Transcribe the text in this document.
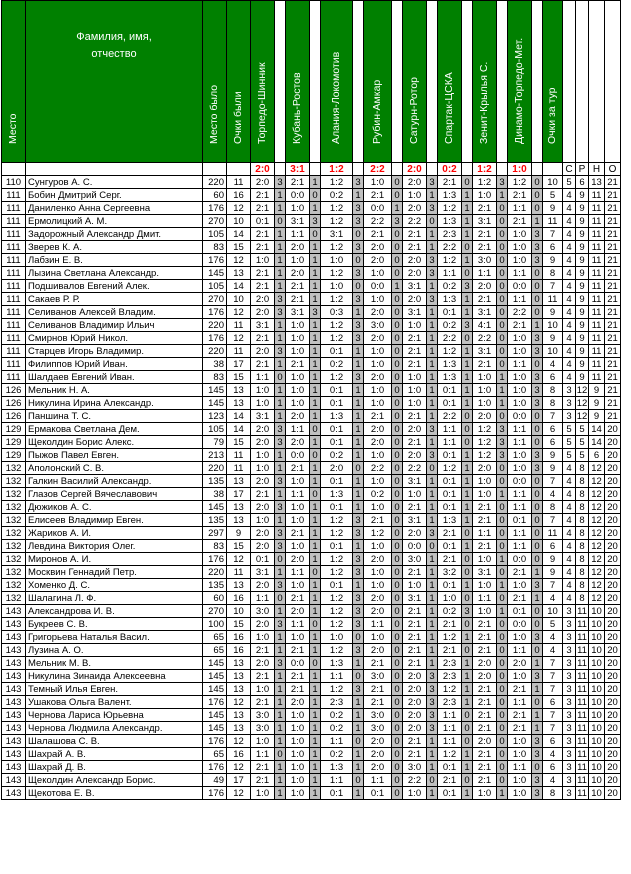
Место	Фамилия, имя,
отчество	Место было	Очки были	Торпедо-Шинник		Кубань-Ростов		Алания-Локомотив		Рубин-Амкар		Сатурн-Ротор		Спартак-ЦСКА		Зенит-Крылья С.		Динамо-Торпедо-Мет.		Очки за тур				

				2:0		3:1		1:2		2:2		2:0		0:2		1:2		1:0			С	Р	Н	О
110	Сунгуров А. С.	220	11	2:0	3	2:1	1	1:2	3	1:0	0	2:0	3	2:1	0	1:2	3	1:2	0	10	5	6	13	21
111	Бобин Дмитрий Серг.	60	16	2:1	1	0:0	0	0:2	1	2:1	0	1:0	1	1:3	1	1:0	1	2:1	0	5	4	9	11	21
111	Даниленко Анна Сергеевна	176	12	2:1	1	1:0	1	1:2	3	0:0	1	2:0	3	1:2	1	2:1	0	1:1	0	9	4	9	11	21
111	Ермолицкий А. М.	270	10	0:1	0	3:1	3	1:2	3	2:2	3	2:2	0	1:3	1	3:1	0	2:1	1	11	4	9	11	21
111	Задорожный Александр Дмит.	105	14	2:1	1	1:1	0	3:1	0	2:1	0	2:1	1	2:3	1	2:1	0	1:0	3	7	4	9	11	21
111	Зверев К. А.	83	15	2:1	1	2:0	1	1:2	3	2:0	0	2:1	1	2:2	0	2:1	0	1:0	3	6	4	9	11	21
111	Лабзин Е. В.	176	12	1:0	1	1:0	1	1:0	0	2:0	0	2:0	3	1:2	1	3:0	0	1:0	3	9	4	9	11	21
111	Лызина Светлана Александр.	145	13	2:1	1	2:0	1	1:2	3	1:0	0	2:0	3	1:1	0	1:1	0	1:1	0	8	4	9	11	21
111	Подшивалов Евгений Алек.	105	14	2:1	1	2:1	1	1:0	0	0:0	1	3:1	1	0:2	3	2:0	0	0:0	0	7	4	9	11	21
111	Сакаев Р. Р.	270	10	2:0	3	2:1	1	1:2	3	1:0	0	2:0	3	1:3	1	2:1	0	1:1	0	11	4	9	11	21
111	Селиванов Алексей Владим.	176	12	2:0	3	3:1	3	0:3	1	2:0	0	3:1	1	0:1	1	3:1	0	2:2	0	9	4	9	11	21
111	Селиванов Владимир Ильич	220	11	3:1	1	1:0	1	1:2	3	3:0	0	1:0	1	0:2	3	4:1	0	2:1	1	10	4	9	11	21
111	Смирнов Юрий Никол.	176	12	2:1	1	1:0	1	1:2	3	2:0	0	2:1	1	2:2	0	2:2	0	1:0	3	9	4	9	11	21
111	Старцев Игорь Владимир.	220	11	2:0	3	1:0	1	0:1	1	1:0	0	2:1	1	1:2	1	3:1	0	1:0	3	10	4	9	11	21
111	Филиппов Юрий Иван.	38	17	2:1	1	2:1	1	0:2	1	1:0	0	2:1	1	1:3	1	2:1	0	1:1	0	4	4	9	11	21
111	Шалдаев Евгений Иван.	83	15	1:1	0	1:0	1	1:2	3	2:0	0	1:0	1	1:3	1	1:0	1	1:0	3	6	4	9	11	21
126	Мельник Н. А.	145	13	1:0	1	1:0	1	0:1	1	1:0	0	1:0	1	0:1	1	1:0	1	1:0	3	8	3	12	9	21
126	Никулина Ирина Александр.	145	13	1:0	1	1:0	1	0:1	1	1:0	0	1:0	1	0:1	1	1:0	1	1:0	3	8	3	12	9	21
126	Паншина Т. С.	123	14	3:1	1	2:0	1	1:3	1	2:1	0	2:1	1	2:2	0	2:0	0	0:0	0	7	3	12	9	21
129	Ермакова Светлана Дем.	105	14	2:0	3	1:1	0	0:1	1	2:0	0	2:0	3	1:1	0	1:2	3	1:1	0	6	5	5	14	20
129	Щеколдин Борис Алекс.	79	15	2:0	3	2:0	1	0:1	1	2:0	0	2:1	1	1:1	0	1:2	3	1:1	0	6	5	5	14	20
129	Пыжов Павел Евген.	213	11	1:0	1	0:0	0	0:2	1	1:0	0	2:0	3	0:1	1	1:2	3	1:0	3	9	5	5	6	20
132	Аполонский С. В.	220	11	1:0	1	2:1	1	2:0	0	2:2	0	2:2	0	1:2	1	2:0	0	1:0	3	9	4	8	12	20
132	Галкин Василий Александр.	135	13	2:0	3	1:0	1	0:1	1	1:0	0	3:1	1	0:1	1	1:0	0	0:0	0	7	4	8	12	20
132	Глазов Сергей Вячеславович	38	17	2:1	1	1:1	0	1:3	1	0:2	0	1:0	1	0:1	1	1:0	1	1:1	0	4	4	8	12	20
132	Дюжиков А. С.	145	13	2:0	3	1:0	1	0:1	1	1:0	0	2:1	1	0:1	1	2:1	0	1:1	0	8	4	8	12	20
132	Елисеев Владимир Евген.	135	13	1:0	1	1:0	1	1:2	3	2:1	0	3:1	1	1:3	1	2:1	0	0:1	0	7	4	8	12	20
132	Жариков А. И.	297	9	2:0	3	2:1	1	1:2	3	1:2	0	2:0	3	2:1	0	1:1	0	1:1	0	11	4	8	12	20
132	Левдина Виктория Олег.	83	15	2:0	3	1:0	1	0:1	1	1:0	0	0:0	0	0:1	1	2:1	0	1:1	0	6	4	8	12	20
132	Миронов А. И.	176	12	0:1	0	2:0	1	1:2	3	2:0	0	3:0	1	2:1	0	1:0	1	0:0	0	9	4	8	12	20
132	Москвин Геннадий Петр.	220	11	3:1	1	1:1	0	1:2	3	1:0	0	2:1	1	3:2	0	3:1	0	2:1	1	9	4	8	12	20
132	Хоменко Д. С.	135	13	2:0	3	1:0	1	0:1	1	1:0	0	1:0	1	0:1	1	1:0	1	1:0	3	7	4	8	12	20
132	Шалагина Л. Ф.	60	16	1:1	0	2:1	1	1:2	3	2:0	0	3:1	1	1:0	0	1:1	0	2:1	1	4	4	8	12	20
143	Александрова И. В.	270	10	3:0	1	2:0	1	1:2	3	2:0	0	2:1	1	0:2	3	1:0	1	0:1	0	10	3	11	10	20
143	Букреев С. В.	100	15	2:0	3	1:1	0	1:2	3	1:1	0	2:1	1	2:1	0	2:1	0	0:0	0	5	3	11	10	20
143	Григорьева Наталья Васил.	65	16	1:0	1	1:0	1	1:0	0	1:0	0	2:1	1	1:2	1	2:1	0	1:0	3	4	3	11	10	20
143	Лузина А. О.	65	16	2:1	1	2:1	1	1:2	3	2:0	0	2:1	1	2:1	0	2:1	0	1:1	0	4	3	11	10	20
143	Мельник М. В.	145	13	2:0	3	0:0	0	1:3	1	2:1	0	2:1	1	2:3	1	2:0	0	2:0	1	7	3	11	10	20
143	Никулина Зинаида Алексеевна	145	13	2:1	1	2:1	1	1:1	0	3:0	0	2:0	3	2:3	1	2:0	0	1:0	3	7	3	11	10	20
143	Темный Илья Евген.	145	13	1:0	1	2:1	1	1:2	3	2:1	0	2:0	3	1:2	1	2:1	0	2:1	1	7	3	11	10	20
143	Ушакова Ольга Валент.	176	12	2:1	1	2:0	1	2:3	1	2:1	0	2:0	3	2:3	1	2:1	0	1:1	0	6	3	11	10	20
143	Чернова Лариса Юрьевна	145	13	3:0	1	1:0	1	0:2	1	3:0	0	2:0	3	1:1	0	2:1	0	2:1	1	7	3	11	10	20
143	Чернова Людмила Александр.	145	13	3:0	1	1:0	1	0:2	1	3:0	0	2:0	3	1:1	0	2:1	0	2:1	1	7	3	11	10	20
143	Шалашова С. В.	176	12	1:0	1	1:0	1	1:1	0	2:0	0	2:1	1	1:1	0	2:0	0	1:0	3	6	3	11	10	20
143	Шахрай А. В.	65	16	1:1	0	1:0	1	0:2	1	2:0	0	2:1	1	1:2	1	2:1	0	1:0	3	4	3	11	10	20
143	Шахрай Д. В.	176	12	2:1	1	1:0	1	1:3	1	2:0	0	3:0	1	0:1	1	2:1	0	1:1	0	6	3	11	10	20
143	Щеколдин Александр Борис.	49	17	2:1	1	1:0	1	1:1	0	1:1	0	2:2	0	2:1	0	2:1	0	1:0	3	4	3	11	10	20
143	Щекотова Е. В.	176	12	1:0	1	1:0	1	0:1	1	0:1	0	1:0	1	0:1	1	1:0	1	1:0	3	8	3	11	10	20
